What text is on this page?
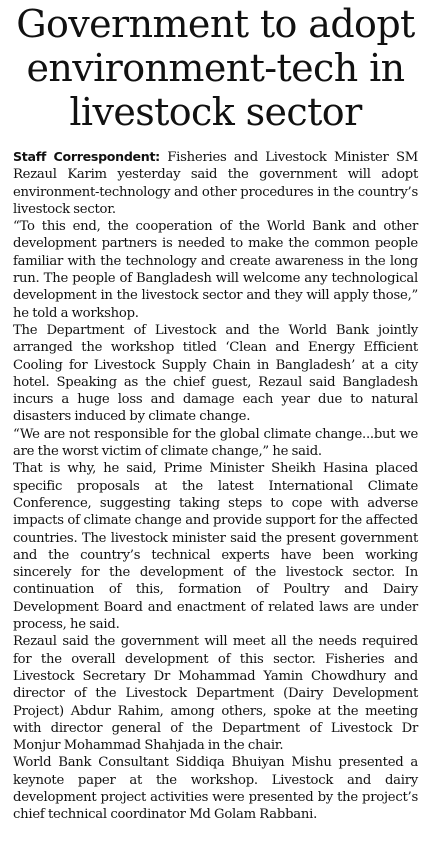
Government to adopt environment-tech in livestock sector

Staff Correspondent: Fisheries and Livestock Minister SM Rezaul Karim yesterday said the government will adopt environment-technology and other procedures in the country’s livestock sector.

“To this end, the cooperation of the World Bank and other development partners is needed to make the common people familiar with the technology and create awareness in the long run. The people of Bangladesh will welcome any technological development in the livestock sector and they will apply those,” he told a workshop.

The Department of Livestock and the World Bank jointly arranged the workshop titled ‘Clean and Energy Efficient Cooling for Livestock Supply Chain in Bangladesh’ at a city hotel. Speaking as the chief guest, Rezaul said Bangladesh incurs a huge loss and damage each year due to natural disasters induced by climate change.

“We are not responsible for the global climate change...but we are the worst victim of climate change,” he said.

That is why, he said, Prime Minister Sheikh Hasina placed specific proposals at the latest International Climate Conference, suggesting taking steps to cope with adverse impacts of climate change and provide support for the affected countries. The livestock minister said the present government and the country’s technical experts have been working sincerely for the development of the livestock sector. In continuation of this, formation of Poultry and Dairy Development Board and enactment of related laws are under process, he said.

Rezaul said the government will meet all the needs required for the overall development of this sector. Fisheries and Livestock Secretary Dr Mohammad Yamin Chowdhury and director of the Livestock Department (Dairy Development Project) Abdur Rahim, among others, spoke at the meeting with director general of the Department of Livestock Dr Monjur Mohammad Shahjada in the chair.

World Bank Consultant Siddiqa Bhuiyan Mishu presented a keynote paper at the workshop. Livestock and dairy development project activities were presented by the project’s chief technical coordinator Md Golam Rabbani.
